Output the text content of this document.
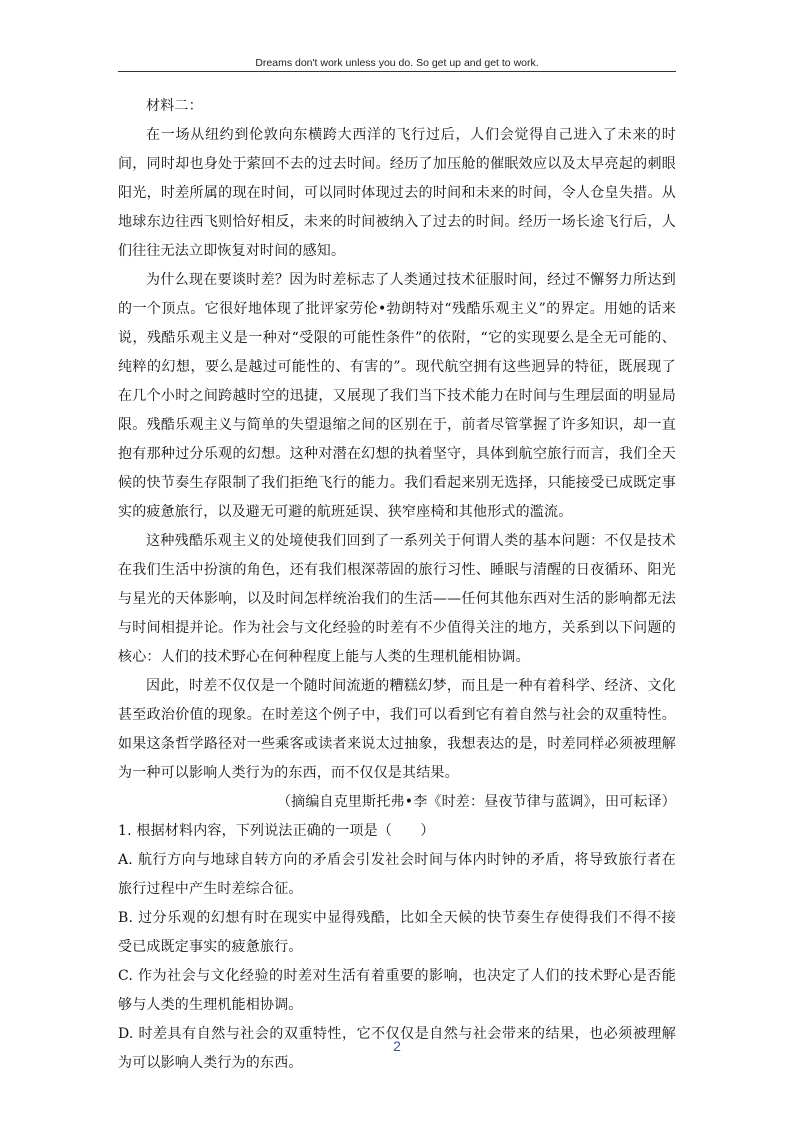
Dreams don't work unless you do. So get up and get to work.

材料二：

在一场从纽约到伦敦向东横跨大西洋的飞行过后，人们会觉得自己进入了未来的时间，同时却也身处于萦回不去的过去时间。经历了加压舱的催眠效应以及太早亮起的刺眼阳光，时差所属的现在时间，可以同时体现过去的时间和未来的时间，令人仓皇失措。从地球东边往西飞则恰好相反，未来的时间被纳入了过去的时间。经历一场长途飞行后，人们往往无法立即恢复对时间的感知。

为什么现在要谈时差？因为时差标志了人类通过技术征服时间，经过不懈努力所达到的一个顶点。它很好地体现了批评家劳伦•勃朗特对“残酷乐观主义”的界定。用她的话来说，残酷乐观主义是一种对“受限的可能性条件”的依附，“它的实现要么是全无可能的、纯粹的幻想，要么是越过可能性的、有害的”。现代航空拥有这些迥异的特征，既展现了在几个小时之间跨越时空的迅捷，又展现了我们当下技术能力在时间与生理层面的明显局限。残酷乐观主义与简单的失望退缩之间的区别在于，前者尽管掌握了许多知识，却一直抱有那种过分乐观的幻想。这种对潜在幻想的执着坚守，具体到航空旅行而言，我们全天候的快节奏生存限制了我们拒绝飞行的能力。我们看起来别无选择，只能接受已成既定事实的疲惫旅行，以及避无可避的航班延误、狭窄座椅和其他形式的濫流。

这种残酷乐观主义的处境使我们回到了一系列关于何谓人类的基本问题：不仅是技术在我们生活中扮演的角色，还有我们根深蒂固的旅行习性、睡眠与清醒的日夜循环、阳光与星光的天体影响，以及时间怎样统治我们的生活——任何其他东西对生活的影响都无法与时间相提并论。作为社会与文化经验的时差有不少值得关注的地方，关系到以下问题的核心：人们的技术野心在何种程度上能与人类的生理机能相协调。

因此，时差不仅仅是一个随时间流逝的糟糕幻梦，而且是一种有着科学、经济、文化甚至政治价值的现象。在时差这个例子中，我们可以看到它有着自然与社会的双重特性。如果这条哲学路径对一些乘客或读者来说太过抽象，我想表达的是，时差同样必须被理解为一种可以影响人类行为的东西，而不仅仅是其结果。

（摘编自克里斯托弗•李《时差：昼夜节律与蓝调》，田可耘译）

1. 根据材料内容，下列说法正确的一项是（　　）

A. 航行方向与地球自转方向的矛盾会引发社会时间与体内时钟的矛盾，将导致旅行者在旅行过程中产生时差综合征。

B. 过分乐观的幻想有时在现实中显得残酷，比如全天候的快节奏生存使得我们不得不接受已成既定事实的疲惫旅行。

C. 作为社会与文化经验的时差对生活有着重要的影响，也决定了人们的技术野心是否能够与人类的生理机能相协调。

D. 时差具有自然与社会的双重特性，它不仅仅是自然与社会带来的结果，也必须被理解为可以影响人类行为的东西。

2
